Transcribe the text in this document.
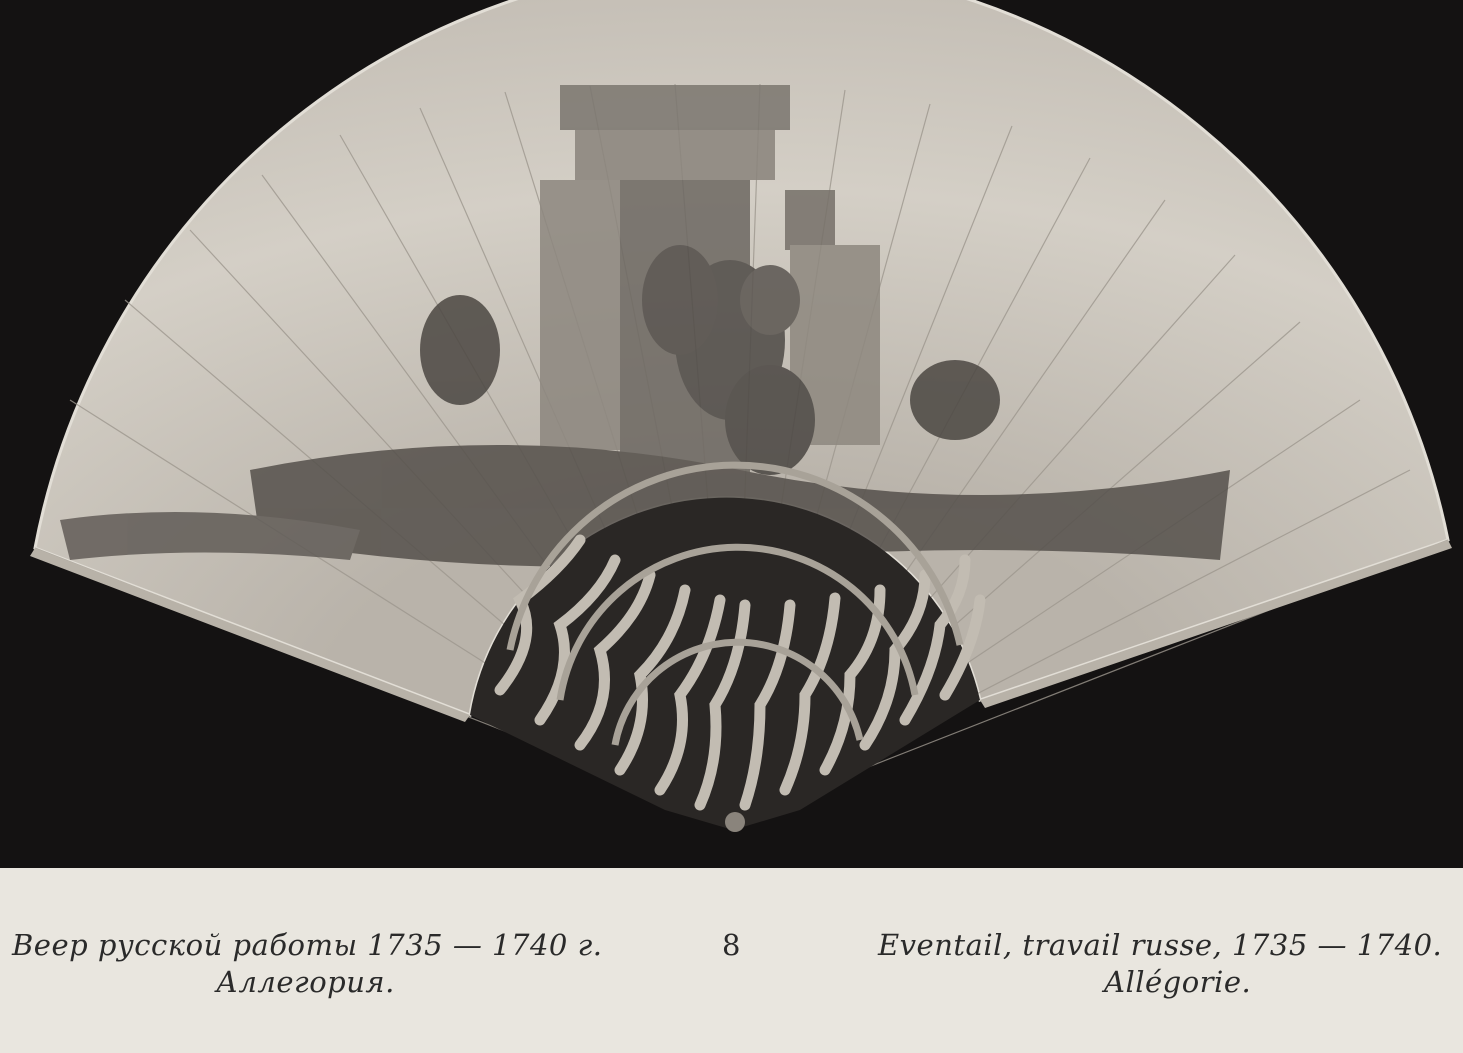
Веер русской работы 1735 — 1740 г.
Аллегория.
8	Eventail, travail russe, 1735 — 1740.
Allégorie.
